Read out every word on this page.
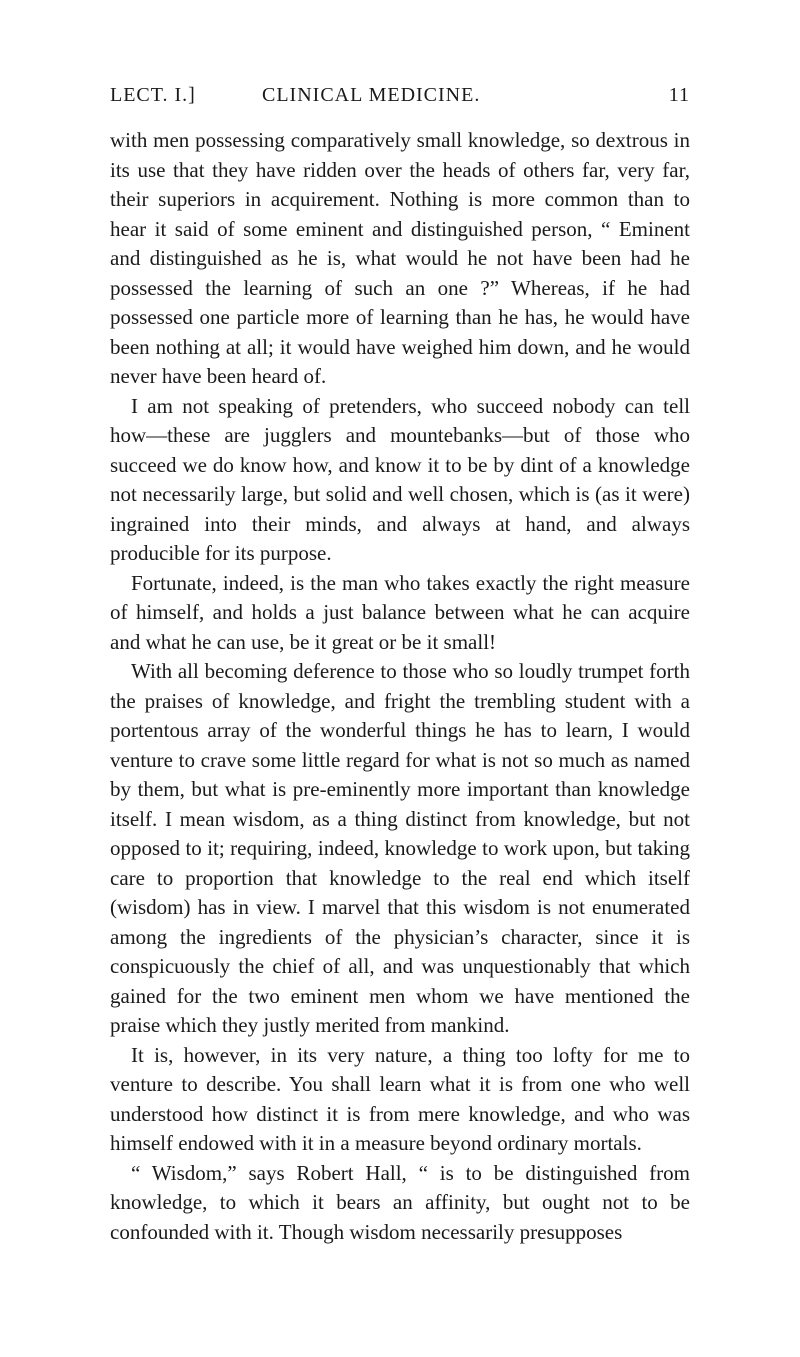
LECT. I.]	CLINICAL MEDICINE.	11

with men possessing comparatively small knowledge, so dextrous in its use that they have ridden over the heads of others far, very far, their superiors in acquirement. Nothing is more common than to hear it said of some eminent and distinguished person, “ Eminent and distinguished as he is, what would he not have been had he possessed the learning of such an one ?” Whereas, if he had possessed one particle more of learning than he has, he would have been nothing at all; it would have weighed him down, and he would never have been heard of.

I am not speaking of pretenders, who succeed nobody can tell how—these are jugglers and mountebanks—but of those who succeed we do know how, and know it to be by dint of a knowledge not necessarily large, but solid and well chosen, which is (as it were) ingrained into their minds, and always at hand, and always producible for its purpose.

Fortunate, indeed, is the man who takes exactly the right measure of himself, and holds a just balance between what he can acquire and what he can use, be it great or be it small!

With all becoming deference to those who so loudly trumpet forth the praises of knowledge, and fright the trembling student with a portentous array of the wonderful things he has to learn, I would venture to crave some little regard for what is not so much as named by them, but what is pre-eminently more important than knowledge itself. I mean wisdom, as a thing distinct from knowledge, but not opposed to it; requiring, indeed, knowledge to work upon, but taking care to proportion that knowledge to the real end which itself (wisdom) has in view. I marvel that this wisdom is not enumerated among the ingredients of the physician’s character, since it is conspicuously the chief of all, and was unquestionably that which gained for the two eminent men whom we have mentioned the praise which they justly merited from mankind.

It is, however, in its very nature, a thing too lofty for me to venture to describe. You shall learn what it is from one who well understood how distinct it is from mere knowledge, and who was himself endowed with it in a measure beyond ordinary mortals.

“ Wisdom,” says Robert Hall, “ is to be distinguished from knowledge, to which it bears an affinity, but ought not to be confounded with it. Though wisdom necessarily presupposes
